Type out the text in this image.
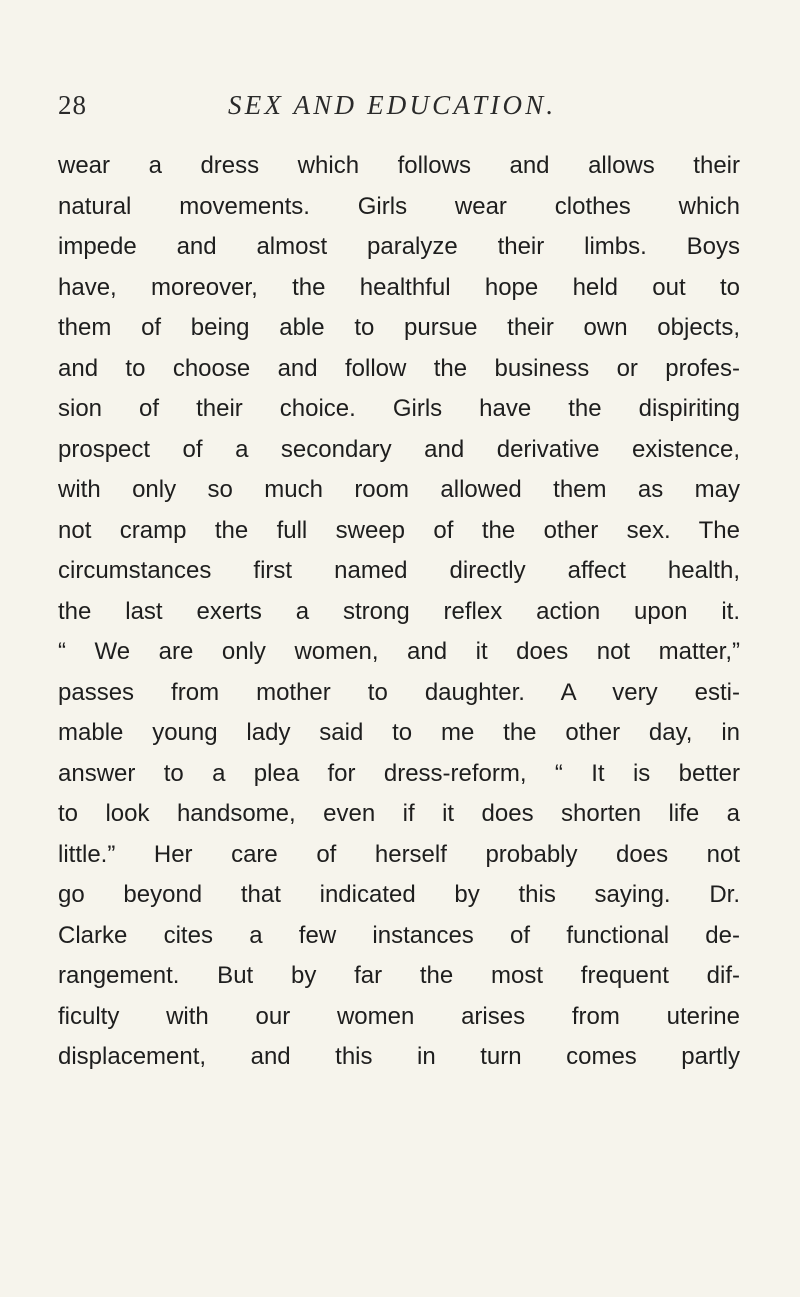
28	SEX AND EDUCATION.
wear a dress which follows and allows their
natural movements. Girls wear clothes which
impede and almost paralyze their limbs. Boys
have, moreover, the healthful hope held out to
them of being able to pursue their own objects,
and to choose and follow the business or profes-
sion of their choice. Girls have the dispiriting
prospect of a secondary and derivative existence,
with only so much room allowed them as may
not cramp the full sweep of the other sex. The
circumstances first named directly affect health,
the last exerts a strong reflex action upon it.
“ We are only women, and it does not matter,”
passes from mother to daughter. A very esti-
mable young lady said to me the other day, in
answer to a plea for dress-reform, “ It is better
to look handsome, even if it does shorten life a
little.” Her care of herself probably does not
go beyond that indicated by this saying. Dr.
Clarke cites a few instances of functional de-
rangement. But by far the most frequent dif-
ficulty with our women arises from uterine
displacement, and this in turn comes partly
